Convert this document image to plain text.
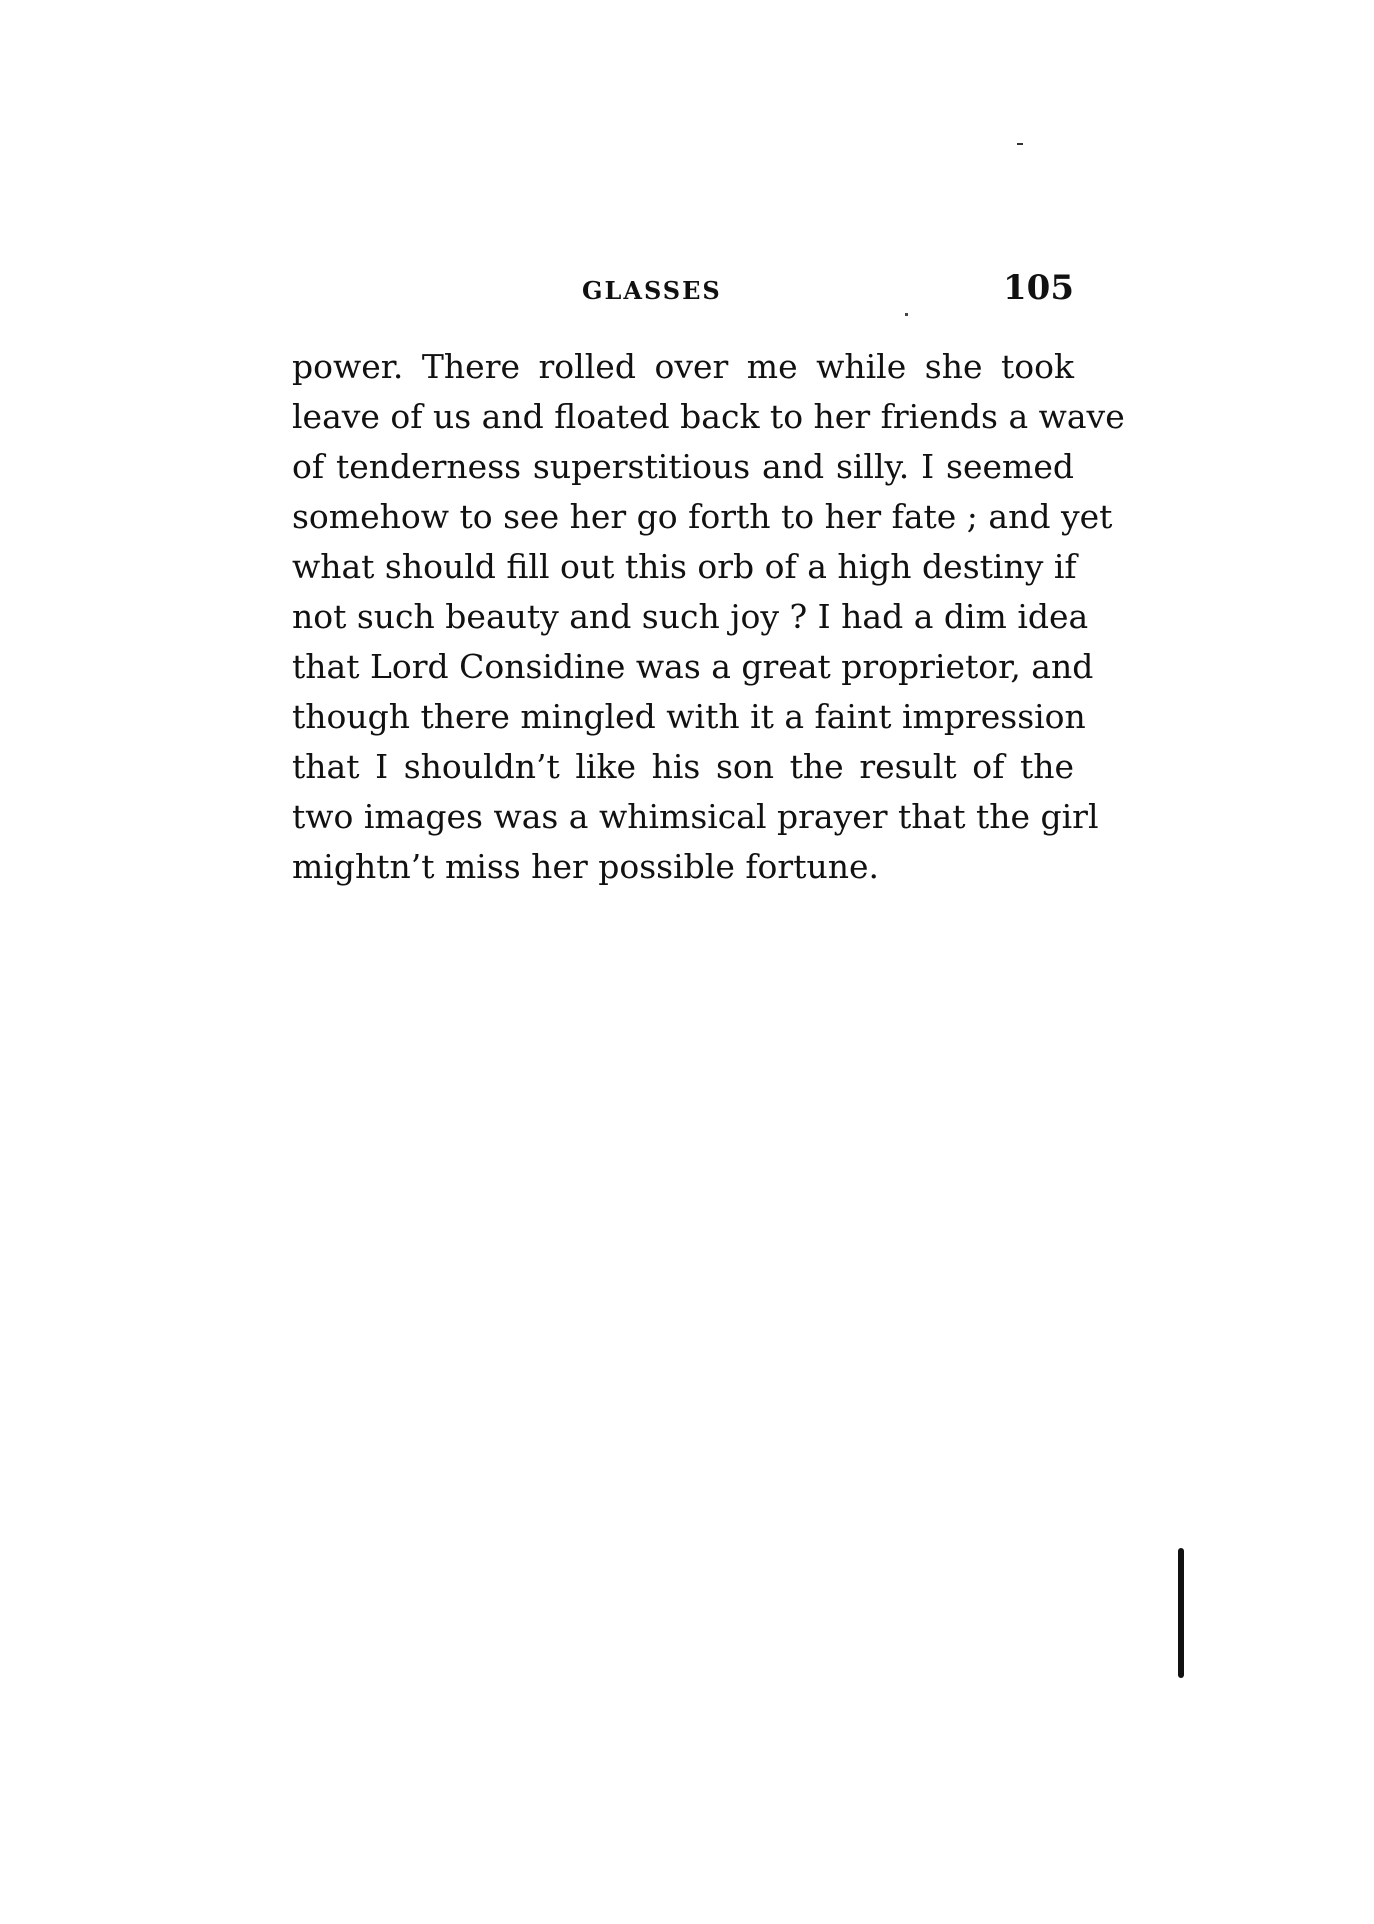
GLASSES	105
power. There rolled over me while she took
leave of us and floated back to her friends a wave
of tenderness superstitious and silly. I seemed
somehow to see her go forth to her fate ; and yet
what should fill out this orb of a high destiny if
not such beauty and such joy ? I had a dim idea
that Lord Considine was a great proprietor, and
though there mingled with it a faint impression
that I shouldn’t like his son the result of the
two images was a whimsical prayer that the girl
mightn’t miss her possible fortune.
